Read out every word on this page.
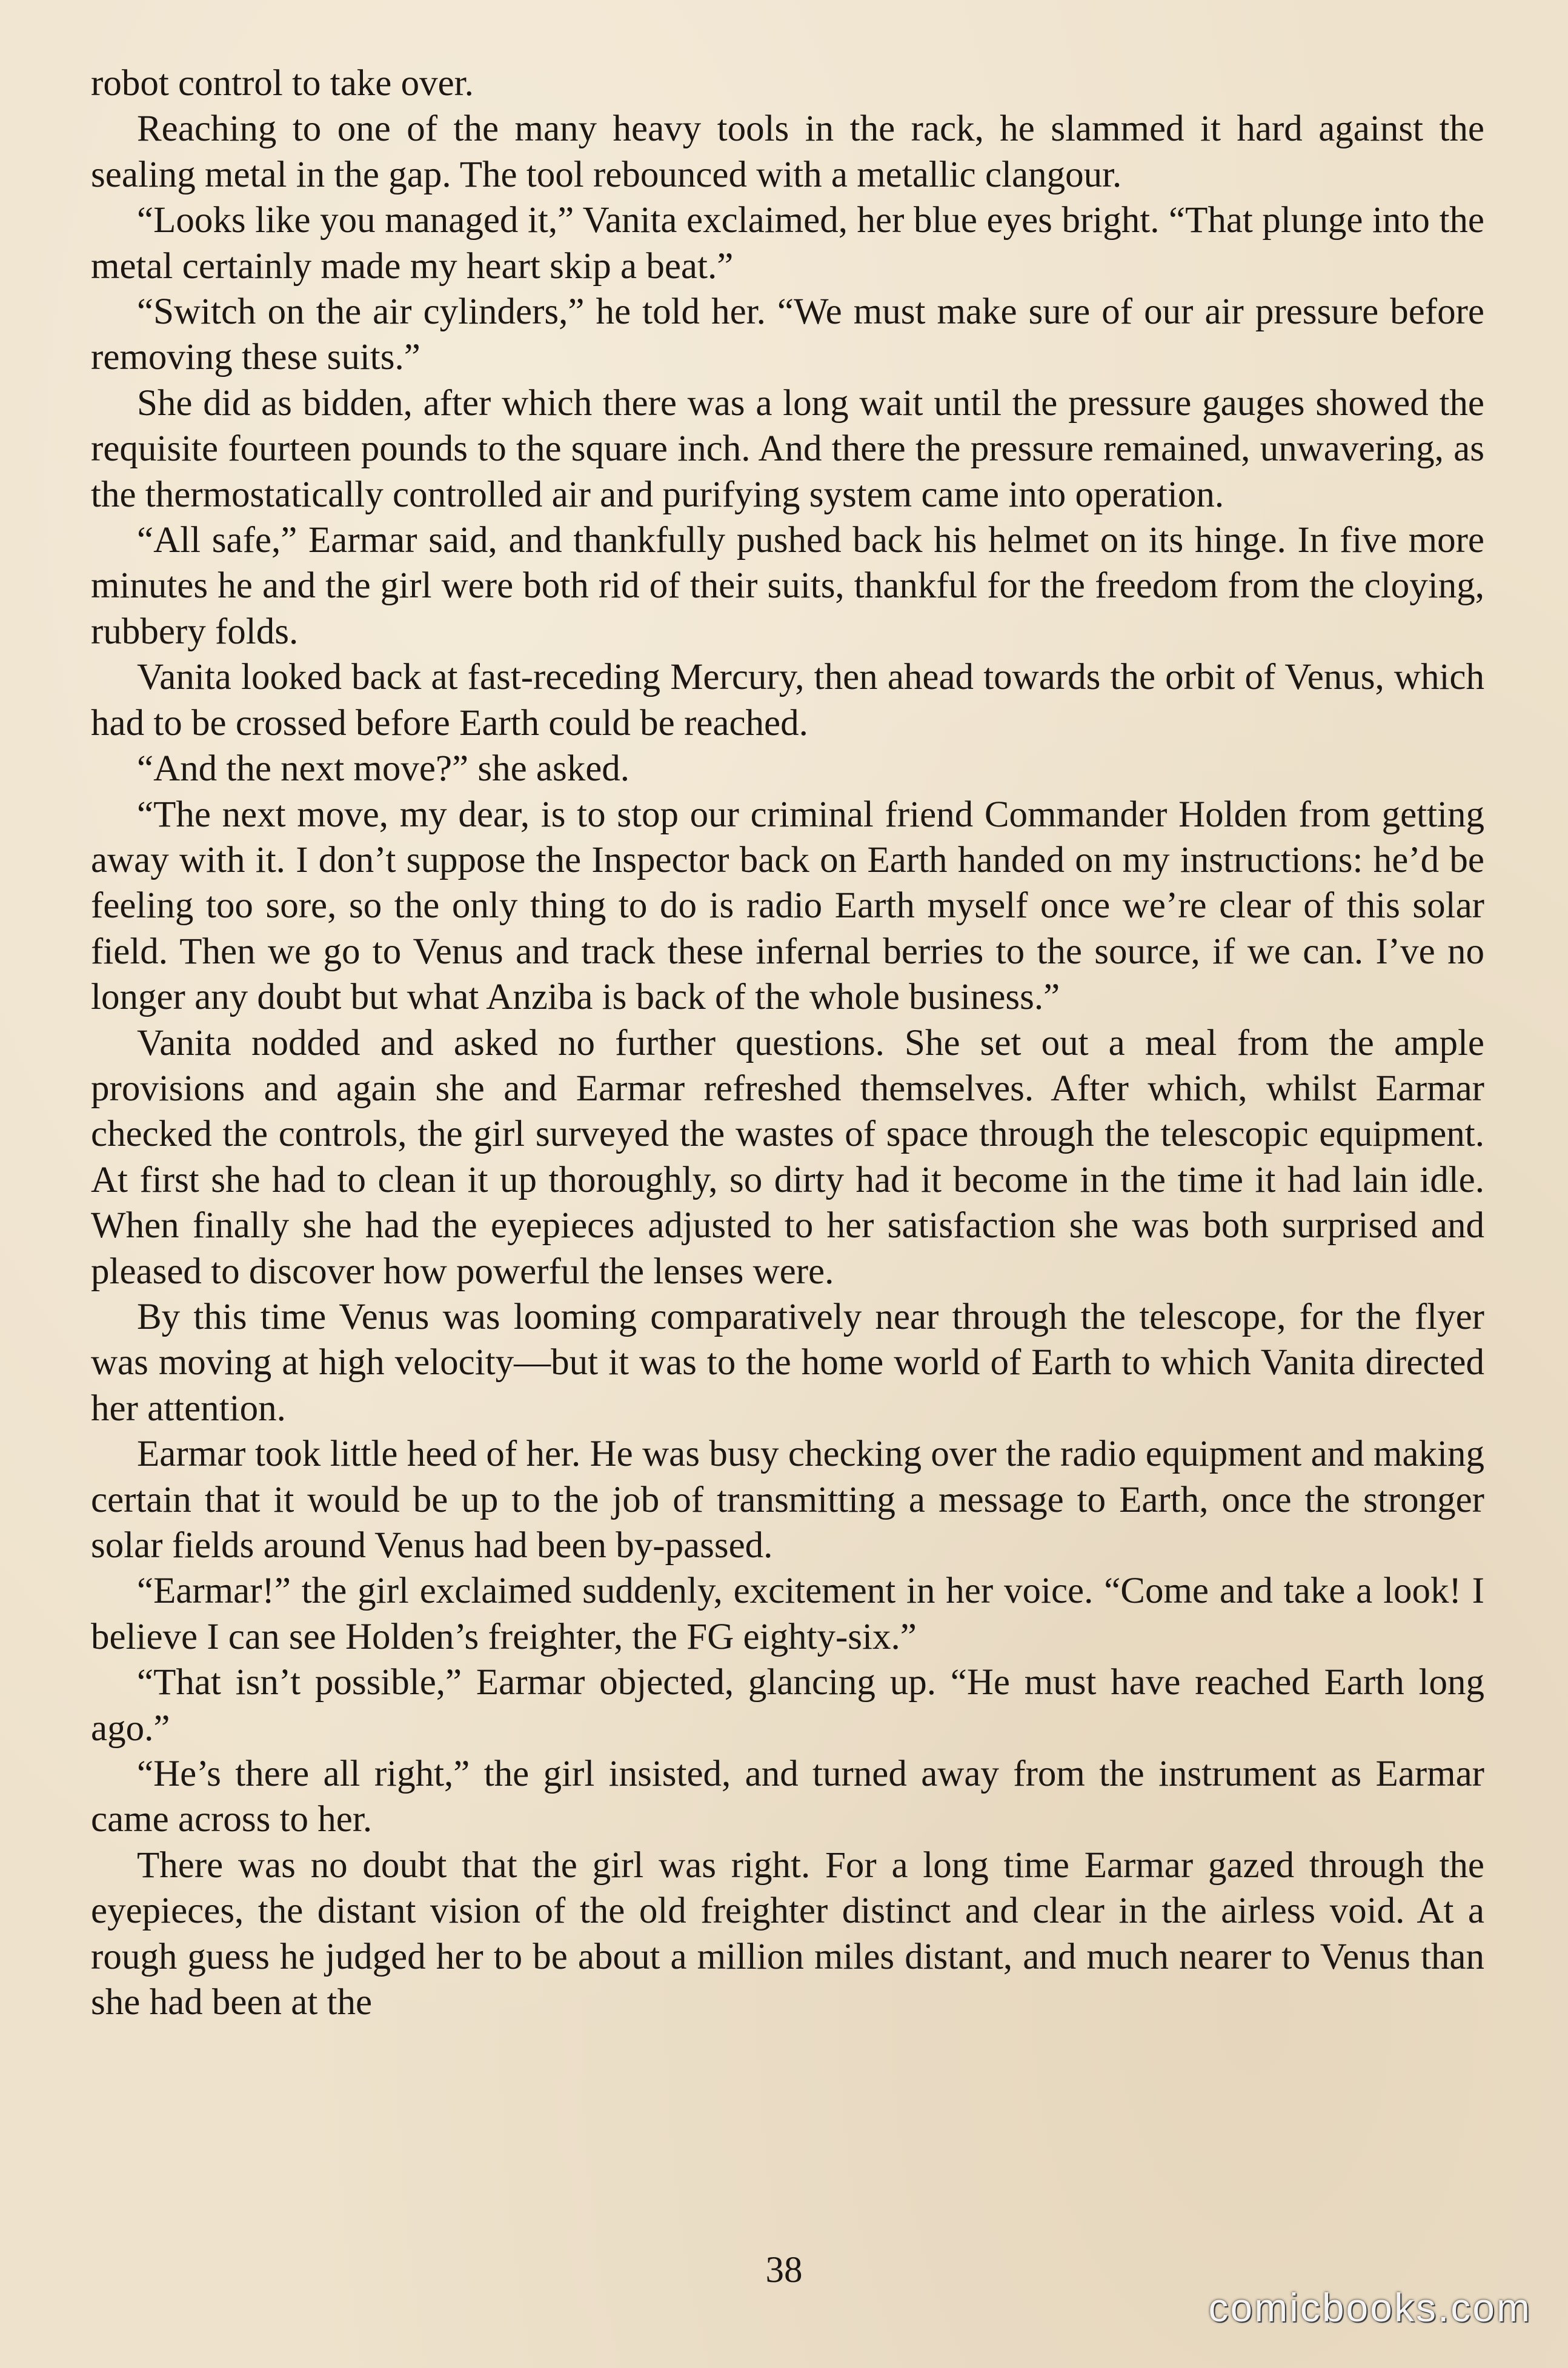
robot control to take over.

Reaching to one of the many heavy tools in the rack, he slammed it hard against the sealing metal in the gap. The tool rebounced with a metallic clangour.

“Looks like you managed it,” Vanita exclaimed, her blue eyes bright. “That plunge into the metal certainly made my heart skip a beat.”

“Switch on the air cylinders,” he told her. “We must make sure of our air pressure before removing these suits.”

She did as bidden, after which there was a long wait until the pressure gauges showed the requisite fourteen pounds to the square inch. And there the pressure remained, unwavering, as the thermostatically controlled air and purifying system came into operation.

“All safe,” Earmar said, and thankfully pushed back his helmet on its hinge. In five more minutes he and the girl were both rid of their suits, thankful for the freedom from the cloying, rubbery folds.

Vanita looked back at fast-receding Mercury, then ahead towards the orbit of Venus, which had to be crossed before Earth could be reached.

“And the next move?” she asked.

“The next move, my dear, is to stop our criminal friend Commander Holden from getting away with it. I don’t suppose the Inspector back on Earth handed on my instructions: he’d be feeling too sore, so the only thing to do is radio Earth myself once we’re clear of this solar field. Then we go to Venus and track these infernal berries to the source, if we can. I’ve no longer any doubt but what Anziba is back of the whole business.”

Vanita nodded and asked no further questions. She set out a meal from the ample provisions and again she and Earmar refreshed themselves. After which, whilst Earmar checked the controls, the girl surveyed the wastes of space through the telescopic equipment. At first she had to clean it up thoroughly, so dirty had it become in the time it had lain idle. When finally she had the eyepieces adjusted to her satisfaction she was both surprised and pleased to discover how powerful the lenses were.

By this time Venus was looming comparatively near through the telescope, for the flyer was moving at high velocity—but it was to the home world of Earth to which Vanita directed her attention.

Earmar took little heed of her. He was busy checking over the radio equipment and making certain that it would be up to the job of transmitting a message to Earth, once the stronger solar fields around Venus had been by-passed.

“Earmar!” the girl exclaimed suddenly, excitement in her voice. “Come and take a look! I believe I can see Holden’s freighter, the FG eighty-six.”

“That isn’t possible,” Earmar objected, glancing up. “He must have reached Earth long ago.”

“He’s there all right,” the girl insisted, and turned away from the instrument as Earmar came across to her.

There was no doubt that the girl was right. For a long time Earmar gazed through the eyepieces, the distant vision of the old freighter distinct and clear in the airless void. At a rough guess he judged her to be about a million miles distant, and much nearer to Venus than she had been at the

38
comicbooks.com
